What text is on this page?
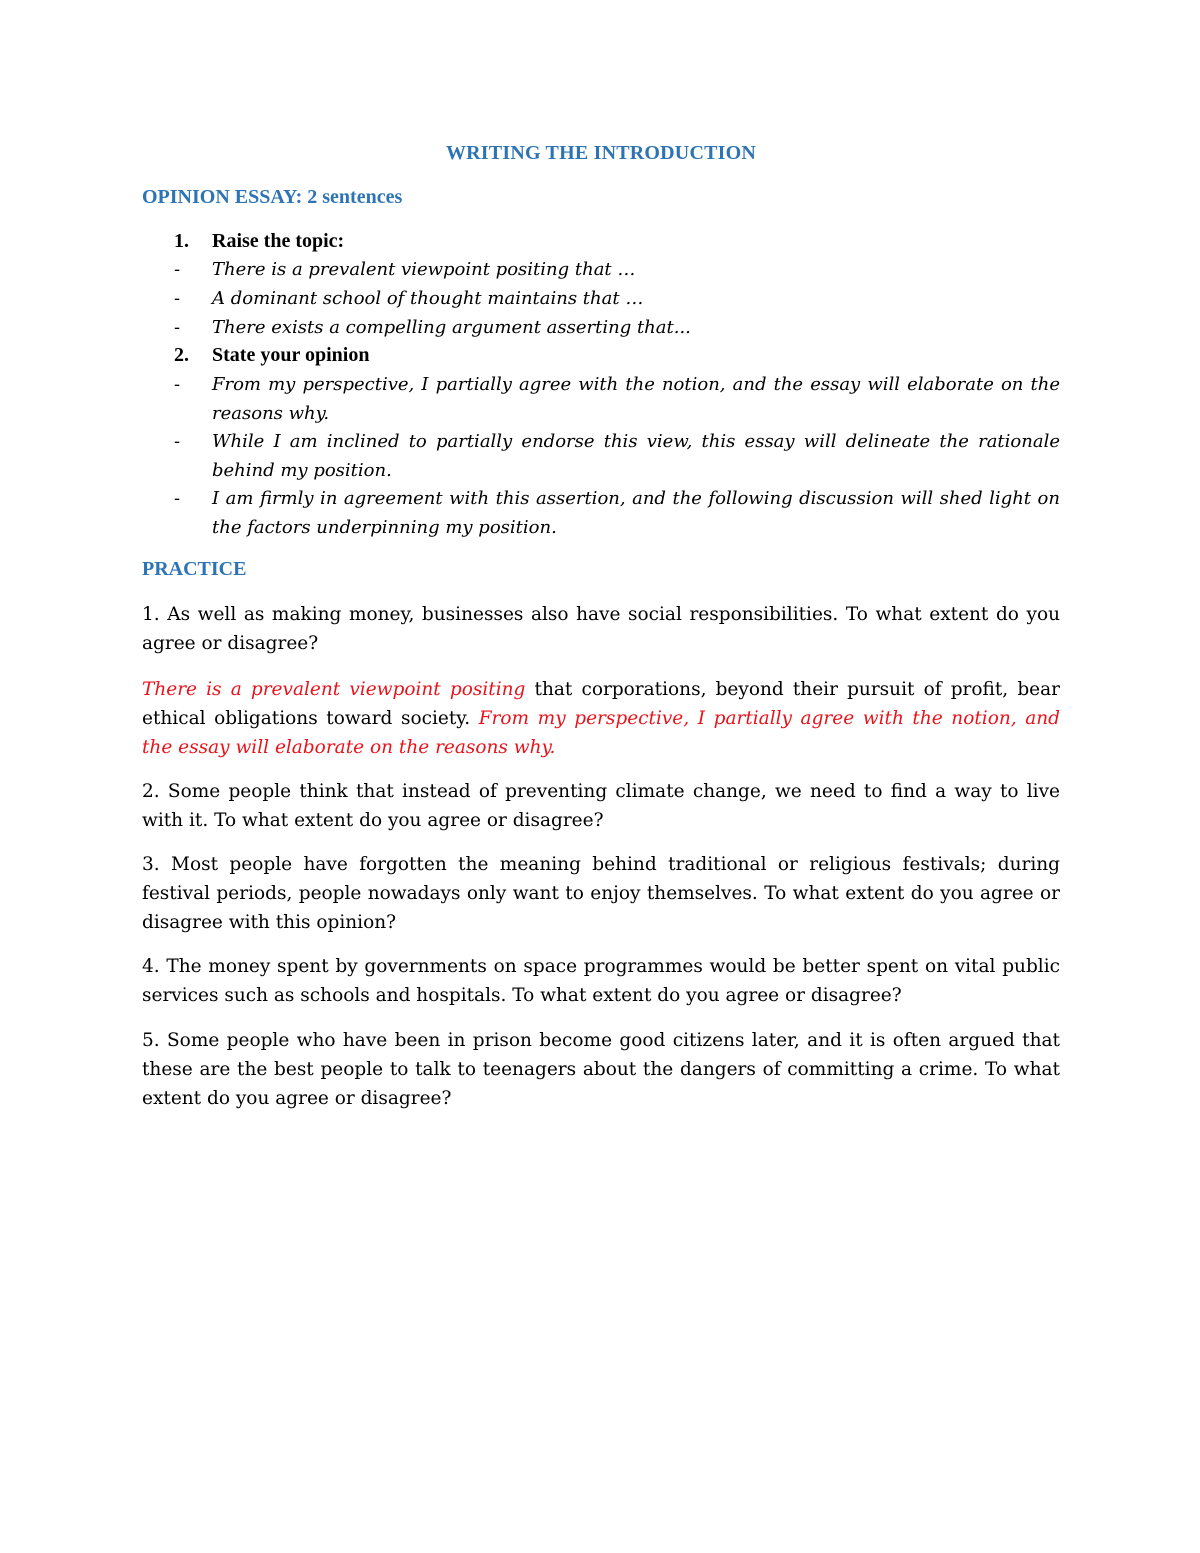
WRITING THE INTRODUCTION
OPINION ESSAY: 2 sentences
1. Raise the topic:
- There is a prevalent viewpoint positing that …
- A dominant school of thought maintains that …
- There exists a compelling argument asserting that...
2. State your opinion
- From my perspective, I partially agree with the notion, and the essay will elaborate on the reasons why.
- While I am inclined to partially endorse this view, this essay will delineate the rationale behind my position.
- I am firmly in agreement with this assertion, and the following discussion will shed light on the factors underpinning my position.
PRACTICE
1. As well as making money, businesses also have social responsibilities. To what extent do you agree or disagree?
There is a prevalent viewpoint positing that corporations, beyond their pursuit of profit, bear ethical obligations toward society. From my perspective, I partially agree with the notion, and the essay will elaborate on the reasons why.
2. Some people think that instead of preventing climate change, we need to find a way to live with it. To what extent do you agree or disagree?
3. Most people have forgotten the meaning behind traditional or religious festivals; during festival periods, people nowadays only want to enjoy themselves. To what extent do you agree or disagree with this opinion?
4. The money spent by governments on space programmes would be better spent on vital public services such as schools and hospitals. To what extent do you agree or disagree?
5. Some people who have been in prison become good citizens later, and it is often argued that these are the best people to talk to teenagers about the dangers of committing a crime. To what extent do you agree or disagree?
